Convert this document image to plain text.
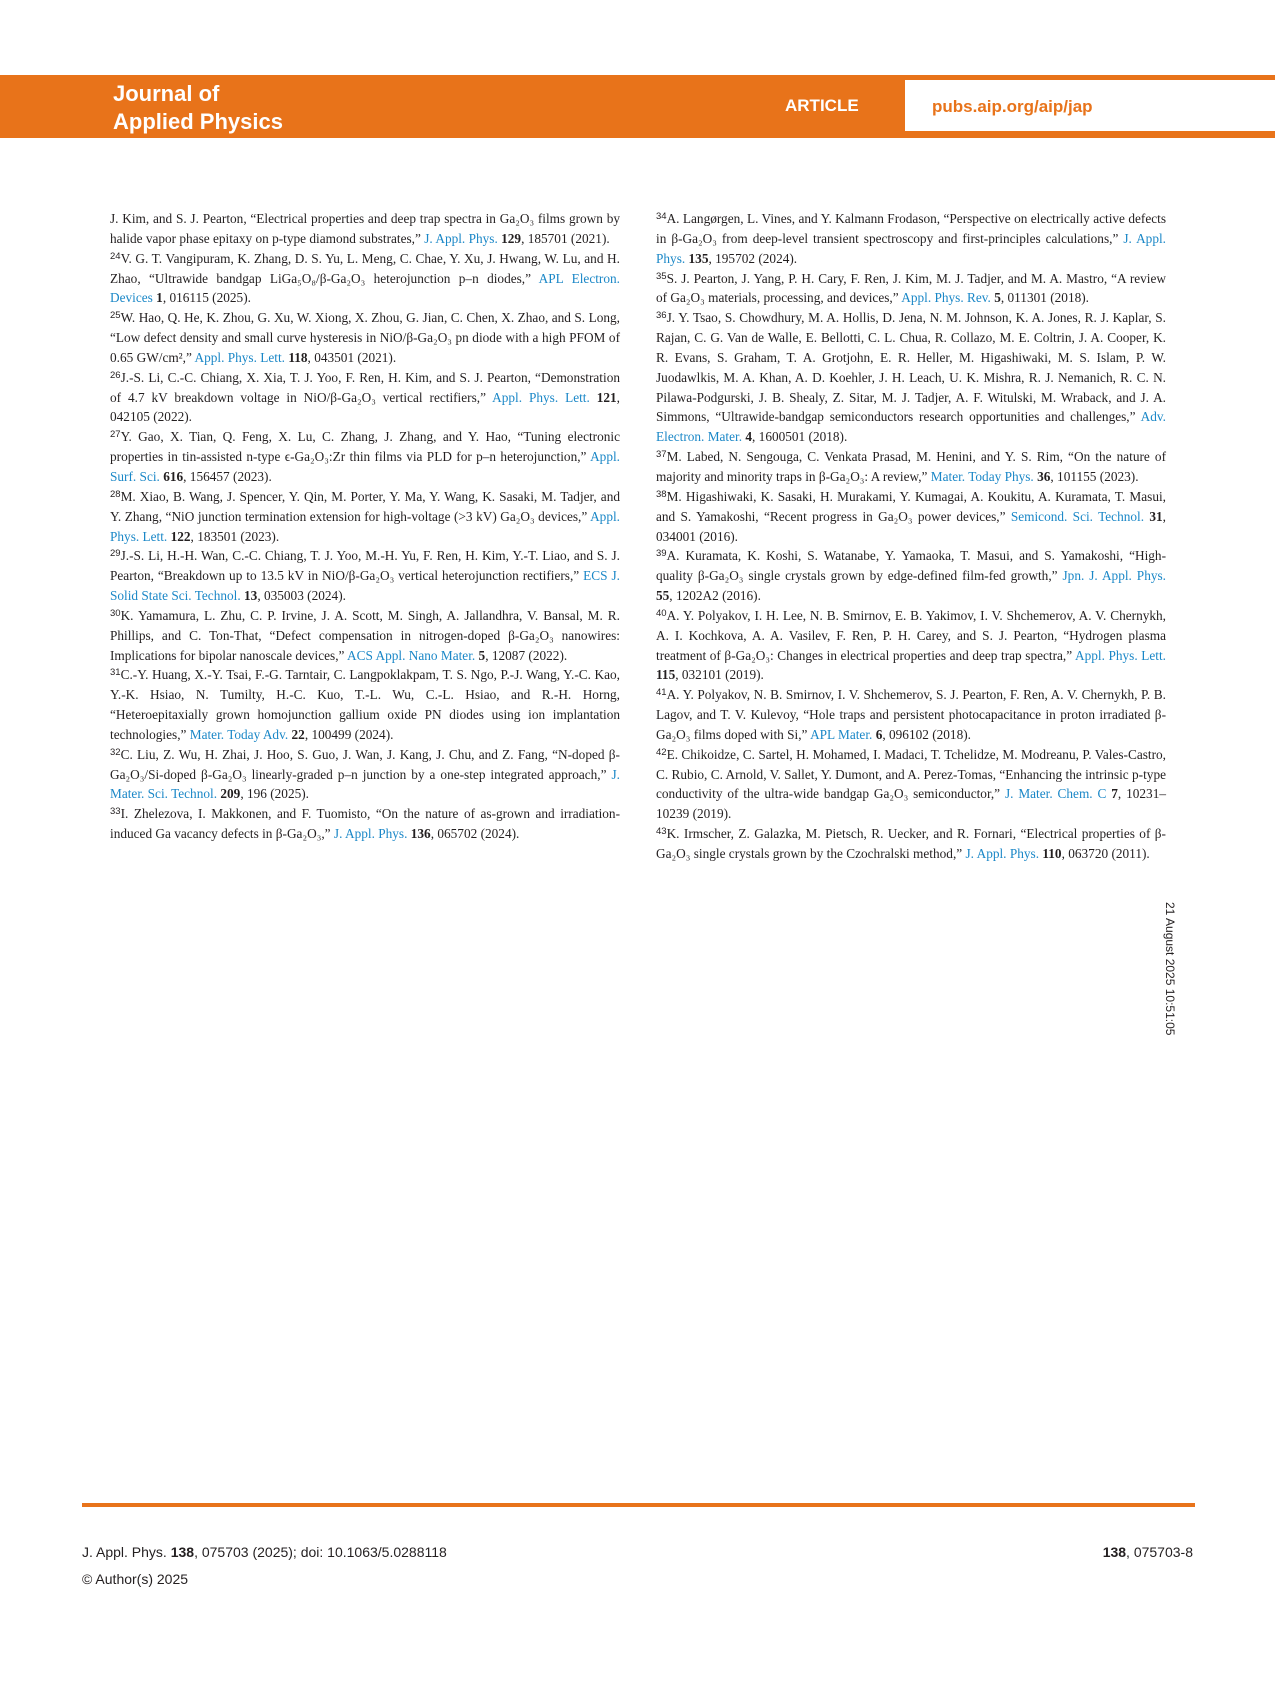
Journal of
Applied Physics
ARTICLE	pubs.aip.org/aip/jap

J. Kim, and S. J. Pearton, “Electrical properties and deep trap spectra in Ga₂O₃ films grown by halide vapor phase epitaxy on p-type diamond substrates,” J. Appl. Phys. 129, 185701 (2021).

$^{24}$V. G. T. Vangipuram, K. Zhang, D. S. Yu, L. Meng, C. Chae, Y. Xu, J. Hwang, W. Lu, and H. Zhao, “Ultrawide bandgap LiGa₅O₈/β-Ga₂O₃ heterojunction p–n diodes,” APL Electron. Devices 1, 016115 (2025).

$^{25}$W. Hao, Q. He, K. Zhou, G. Xu, W. Xiong, X. Zhou, G. Jian, C. Chen, X. Zhao, and S. Long, “Low defect density and small curve hysteresis in NiO/β-Ga₂O₃ pn diode with a high PFOM of 0.65 GW/cm²,” Appl. Phys. Lett. 118, 043501 (2021).

$^{26}$J.-S. Li, C.-C. Chiang, X. Xia, T. J. Yoo, F. Ren, H. Kim, and S. J. Pearton, “Demonstration of 4.7 kV breakdown voltage in NiO/β-Ga₂O₃ vertical rectifiers,” Appl. Phys. Lett. 121, 042105 (2022).

$^{27}$Y. Gao, X. Tian, Q. Feng, X. Lu, C. Zhang, J. Zhang, and Y. Hao, “Tuning electronic properties in tin-assisted n-type ϵ-Ga₂O₃:Zr thin films via PLD for p–n heterojunction,” Appl. Surf. Sci. 616, 156457 (2023).

$^{28}$M. Xiao, B. Wang, J. Spencer, Y. Qin, M. Porter, Y. Ma, Y. Wang, K. Sasaki, M. Tadjer, and Y. Zhang, “NiO junction termination extension for high-voltage (>3 kV) Ga₂O₃ devices,” Appl. Phys. Lett. 122, 183501 (2023).

$^{29}$J.-S. Li, H.-H. Wan, C.-C. Chiang, T. J. Yoo, M.-H. Yu, F. Ren, H. Kim, Y.-T. Liao, and S. J. Pearton, “Breakdown up to 13.5 kV in NiO/β-Ga₂O₃ vertical heterojunction rectifiers,” ECS J. Solid State Sci. Technol. 13, 035003 (2024).

$^{30}$K. Yamamura, L. Zhu, C. P. Irvine, J. A. Scott, M. Singh, A. Jallandhra, V. Bansal, M. R. Phillips, and C. Ton-That, “Defect compensation in nitrogen-doped β-Ga₂O₃ nanowires: Implications for bipolar nanoscale devices,” ACS Appl. Nano Mater. 5, 12087 (2022).

$^{31}$C.-Y. Huang, X.-Y. Tsai, F.-G. Tarntair, C. Langpoklakpam, T. S. Ngo, P.-J. Wang, Y.-C. Kao, Y.-K. Hsiao, N. Tumilty, H.-C. Kuo, T.-L. Wu, C.-L. Hsiao, and R.-H. Horng, “Heteroepitaxially grown homojunction gallium oxide PN diodes using ion implantation technologies,” Mater. Today Adv. 22, 100499 (2024).

$^{32}$C. Liu, Z. Wu, H. Zhai, J. Hoo, S. Guo, J. Wan, J. Kang, J. Chu, and Z. Fang, “N-doped β-Ga₂O₃/Si-doped β-Ga₂O₃ linearly-graded p–n junction by a one-step integrated approach,” J. Mater. Sci. Technol. 209, 196 (2025).

$^{33}$I. Zhelezova, I. Makkonen, and F. Tuomisto, “On the nature of as-grown and irradiation-induced Ga vacancy defects in β-Ga₂O₃,” J. Appl. Phys. 136, 065702 (2024).

$^{34}$A. Langørgen, L. Vines, and Y. Kalmann Frodason, “Perspective on electrically active defects in β-Ga₂O₃ from deep-level transient spectroscopy and first-principles calculations,” J. Appl. Phys. 135, 195702 (2024).

$^{35}$S. J. Pearton, J. Yang, P. H. Cary, F. Ren, J. Kim, M. J. Tadjer, and M. A. Mastro, “A review of Ga₂O₃ materials, processing, and devices,” Appl. Phys. Rev. 5, 011301 (2018).

$^{36}$J. Y. Tsao, S. Chowdhury, M. A. Hollis, D. Jena, N. M. Johnson, K. A. Jones, R. J. Kaplar, S. Rajan, C. G. Van de Walle, E. Bellotti, C. L. Chua, R. Collazo, M. E. Coltrin, J. A. Cooper, K. R. Evans, S. Graham, T. A. Grotjohn, E. R. Heller, M. Higashiwaki, M. S. Islam, P. W. Juodawlkis, M. A. Khan, A. D. Koehler, J. H. Leach, U. K. Mishra, R. J. Nemanich, R. C. N. Pilawa-Podgurski, J. B. Shealy, Z. Sitar, M. J. Tadjer, A. F. Witulski, M. Wraback, and J. A. Simmons, “Ultrawide-bandgap semiconductors research opportunities and challenges,” Adv. Electron. Mater. 4, 1600501 (2018).

$^{37}$M. Labed, N. Sengouga, C. Venkata Prasad, M. Henini, and Y. S. Rim, “On the nature of majority and minority traps in β-Ga₂O₃: A review,” Mater. Today Phys. 36, 101155 (2023).

$^{38}$M. Higashiwaki, K. Sasaki, H. Murakami, Y. Kumagai, A. Koukitu, A. Kuramata, T. Masui, and S. Yamakoshi, “Recent progress in Ga₂O₃ power devices,” Semicond. Sci. Technol. 31, 034001 (2016).

$^{39}$A. Kuramata, K. Koshi, S. Watanabe, Y. Yamaoka, T. Masui, and S. Yamakoshi, “High-quality β-Ga₂O₃ single crystals grown by edge-defined film-fed growth,” Jpn. J. Appl. Phys. 55, 1202A2 (2016).

$^{40}$A. Y. Polyakov, I. H. Lee, N. B. Smirnov, E. B. Yakimov, I. V. Shchemerov, A. V. Chernykh, A. I. Kochkova, A. A. Vasilev, F. Ren, P. H. Carey, and S. J. Pearton, “Hydrogen plasma treatment of β-Ga₂O₃: Changes in electrical properties and deep trap spectra,” Appl. Phys. Lett. 115, 032101 (2019).

$^{41}$A. Y. Polyakov, N. B. Smirnov, I. V. Shchemerov, S. J. Pearton, F. Ren, A. V. Chernykh, P. B. Lagov, and T. V. Kulevoy, “Hole traps and persistent photocapacitance in proton irradiated β-Ga₂O₃ films doped with Si,” APL Mater. 6, 096102 (2018).

$^{42}$E. Chikoidze, C. Sartel, H. Mohamed, I. Madaci, T. Tchelidze, M. Modreanu, P. Vales-Castro, C. Rubio, C. Arnold, V. Sallet, Y. Dumont, and A. Perez-Tomas, “Enhancing the intrinsic p-type conductivity of the ultra-wide bandgap Ga₂O₃ semiconductor,” J. Mater. Chem. C 7, 10231–10239 (2019).

$^{43}$K. Irmscher, Z. Galazka, M. Pietsch, R. Uecker, and R. Fornari, “Electrical properties of β-Ga₂O₃ single crystals grown by the Czochralski method,” J. Appl. Phys. 110, 063720 (2011).

21 August 2025 10:51:05
J. Appl. Phys. 138, 075703 (2025); doi: 10.1063/5.0288118
© Author(s) 2025
138, 075703-8
